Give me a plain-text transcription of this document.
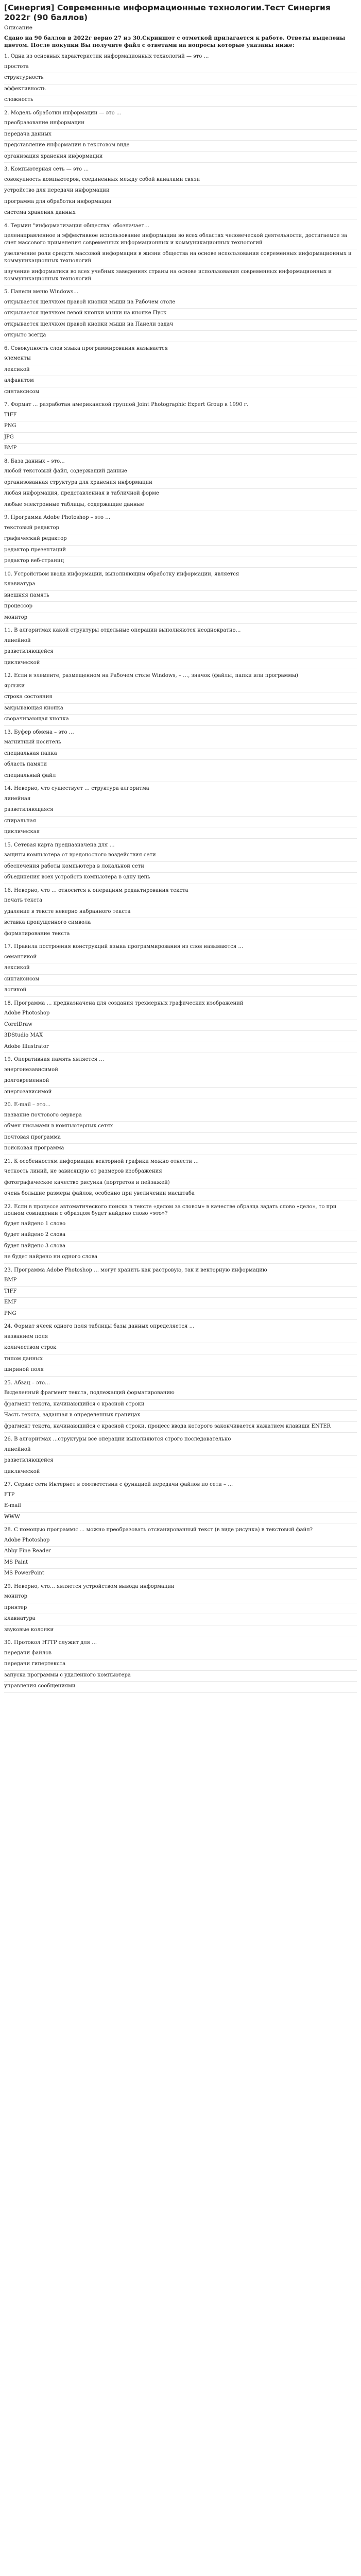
[Синергия] Современные информационные технологии.Тест Синергия 2022г (90 баллов)
Описание
Сдано на 90 баллов в 2022г верно 27 из 30.Скриншот с отметкой прилагается к работе. Ответы выделены цветом. После покупки Вы получите файл с ответами на вопросы которые указаны ниже:
1. Одна из основных характеристик информационных технологий — это …
простота
структурность
эффективность
сложность
2. Модель обработки информации — это …
преобразование информации
передача данных
представление информации в текстовом виде
организация хранения информации
3. Компьютерная сеть — это …
совокупность компьютеров, соединенных между собой каналами связи
устройство для передачи информации
программа для обработки информации
система хранения данных
4. Термин "информатизация общества" обозначает…
целенаправленное и эффективное использование информации во всех областях человеческой деятельности, достигаемое за счет массового применения современных информационных и коммуникационных технологий
увеличение роли средств массовой информации в жизни общества на основе использования современных информационных и коммуникационных технологий
изучение информатики во всех учебных заведениях страны на основе использования современных информационных и коммуникационных технологий
5. Панели меню Windows…
открывается щелчком правой кнопки мыши на Рабочем столе
открывается щелчком левой кнопки мыши на кнопке Пуск
открывается щелчком правой кнопки мыши на Панели задач
открыто всегда
6. Совокупность слов языка программирования называется
элементы
лексикой
алфавитом
синтаксисом
7. Формат ... разработан американской группой Joint Photographic Expert Group в 1990 г.
TIFF
PNG
JPG
BMP
8. База данных – это...
любой текстовый файл, содержащий данные
организованная структура для хранения информации
любая информация, представленная в табличной форме
любые электронные таблицы, содержащие данные
9. Программа Adobe Photoshop – это …
текстовый редактор
графический редактор
редактор презентаций
редактор веб-страниц
10. Устройством ввода информации, выполняющим обработку информации, является
клавиатура
внешняя память
процессор
монитор
11. В алгоритмах какой структуры отдельные операции выполняются неоднократно…
линейной
разветвляющейся
циклической
12. Если в элементе, размещенном на Рабочем столе Windows, – …, значок (файлы, папки или программы)
ярлыки
строка состояния
закрывающая кнопка
сворачивающая кнопка
13. Буфер обмена – это …
магнитный носитель
специальная папка
область памяти
специальный файл
14. Неверно, что существует … структура алгоритма
линейная
разветвляющаяся
спиральная
циклическая
15. Сетевая карта предназначена для …
защиты компьютера от вредоносного воздействия сети
обеспечения работы компьютера в локальной сети
объединения всех устройств компьютера в одну цепь
16. Неверно, что … относится к операциям редактирования текста
печать текста
удаление в тексте неверно набранного текста
вставка пропущенного символа
форматирование текста
17. Правила построения конструкций языка программирования из слов называются …
семантикой
лексикой
синтаксисом
логикой
18. Программа … предназначена для создания трехмерных графических изображений
Adobe Photoshop
CorelDraw
3DStudio MAX
Adobe Illustrator
19. Оперативная память является …
энергонезависимой
долговременной
энергозависимой
20. E-mail – это…
название почтового сервера
обмен письмами в компьютерных сетях
почтовая программа
поисковая программа
21. К особенностям информации векторной графики можно отнести …
четкость линий, не зависящую от размеров изображения
фотографическое качество рисунка (портретов и пейзажей)
очень большие размеры файлов, особенно при увеличении масштаба
22. Если в процессе автоматического поиска в тексте «делом за словом» в качестве образца задать слово «дело», то при полном совпадении с образцом будет найдено слово «это»?
будет найдено 1 слово
будет найдено 2 слова
будет найдено 3 слова
не будет найдено ни одного слова
23. Программа Adobe Photoshop … могут хранить как растровую, так и векторную информацию
BMP
TIFF
EMF
PNG
24. Формат ячеек одного поля таблицы базы данных определяется …
названием поля
количеством строк
типом данных
шириной поля
25. Абзац – это…
Выделенный фрагмент текста, подлежащий форматированию
фрагмент текста, начинающийся с красной строки
Часть текста, заданная в определенных границах
фрагмент текста, начинающийся с красной строки, процесс ввода которого закончивается нажатием клавиши ENTER
26. В алгоритмах …структуры все операции выполняются строго последовательно
линейной
разветвляющейся
циклической
27. Сервис сети Интернет в соответствии с функцией передачи файлов по сети – …
FTP
E-mail
WWW
28. С помощью программы … можно преобразовать отсканированный текст (в виде рисунка) в текстовый файл?
Adobe Photoshop
Abby Fine Reader
MS Paint
MS PowerPoint
29. Неверно, что… является устройством вывода информации
монитор
принтер
клавиатура
звуковые колонки
30. Протокол HTTP служит для …
передачи файлов
передачи гипертекста
запуска программы с удаленного компьютера
управления сообщениями
